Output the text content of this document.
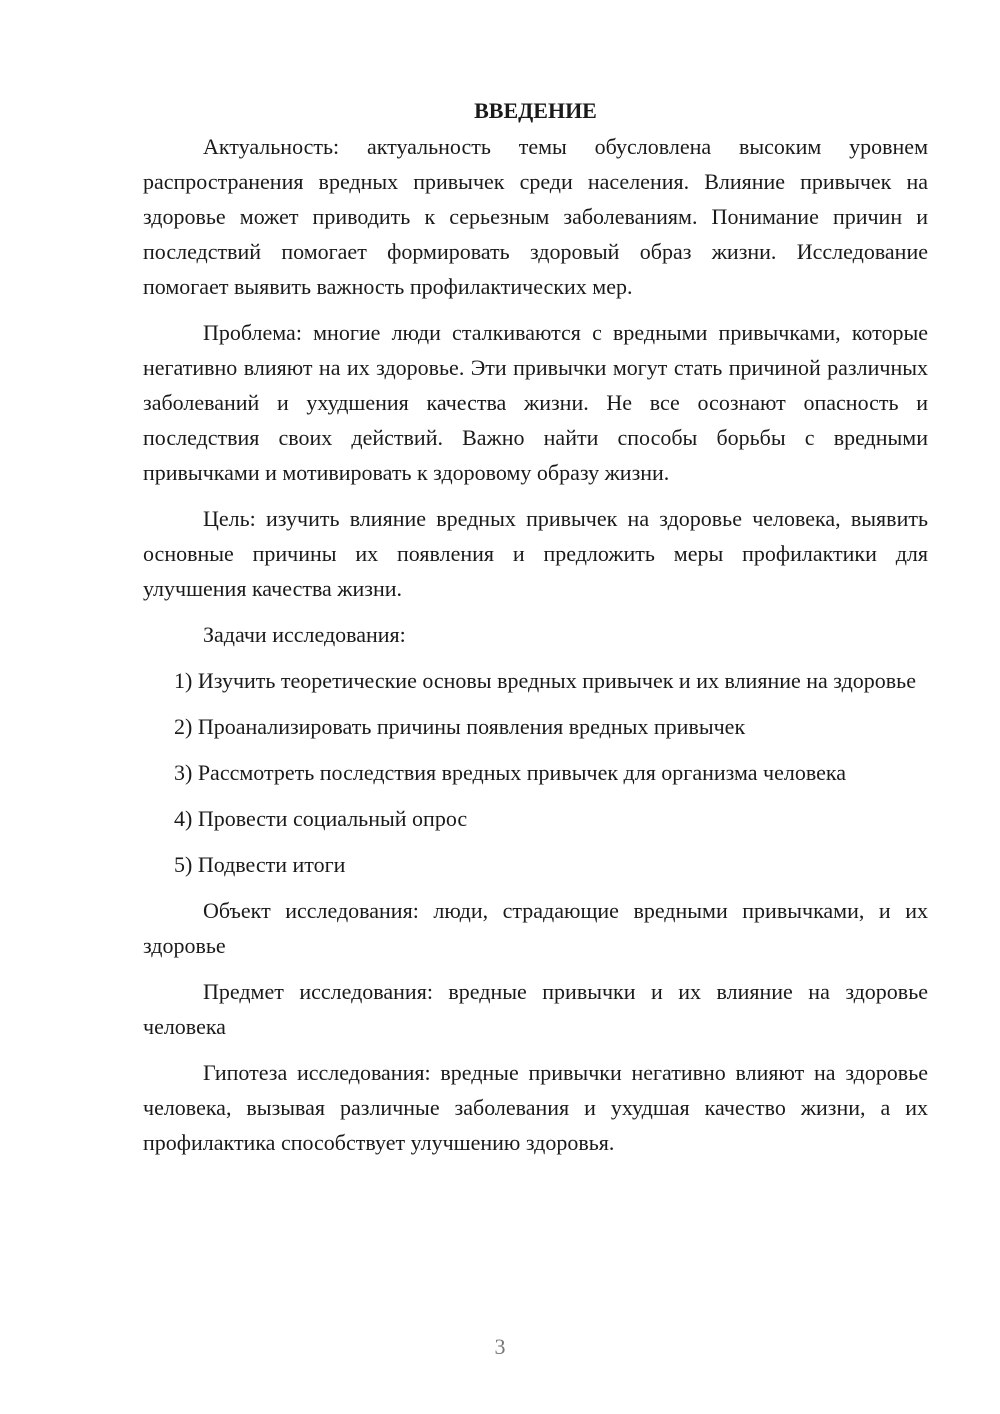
ВВЕДЕНИЕ

Актуальность: актуальность темы обусловлена высоким уровнем распространения вредных привычек среди населения. Влияние привычек на здоровье может приводить к серьезным заболеваниям. Понимание причин и последствий помогает формировать здоровый образ жизни. Исследование помогает выявить важность профилактических мер.

Проблема: многие люди сталкиваются с вредными привычками, которые негативно влияют на их здоровье. Эти привычки могут стать причиной различных заболеваний и ухудшения качества жизни. Не все осознают опасность и последствия своих действий. Важно найти способы борьбы с вредными привычками и мотивировать к здоровому образу жизни.

Цель: изучить влияние вредных привычек на здоровье человека, выявить основные причины их появления и предложить меры профилактики для улучшения качества жизни.

Задачи исследования:

1) Изучить теоретические основы вредных привычек и их влияние на здоровье

2) Проанализировать причины появления вредных привычек

3) Рассмотреть последствия вредных привычек для организма человека

4) Провести социальный опрос

5) Подвести итоги

Объект исследования: люди, страдающие вредными привычками, и их здоровье

Предмет исследования: вредные привычки и их влияние на здоровье человека

Гипотеза исследования: вредные привычки негативно влияют на здоровье человека, вызывая различные заболевания и ухудшая качество жизни, а их профилактика способствует улучшению здоровья.

3
